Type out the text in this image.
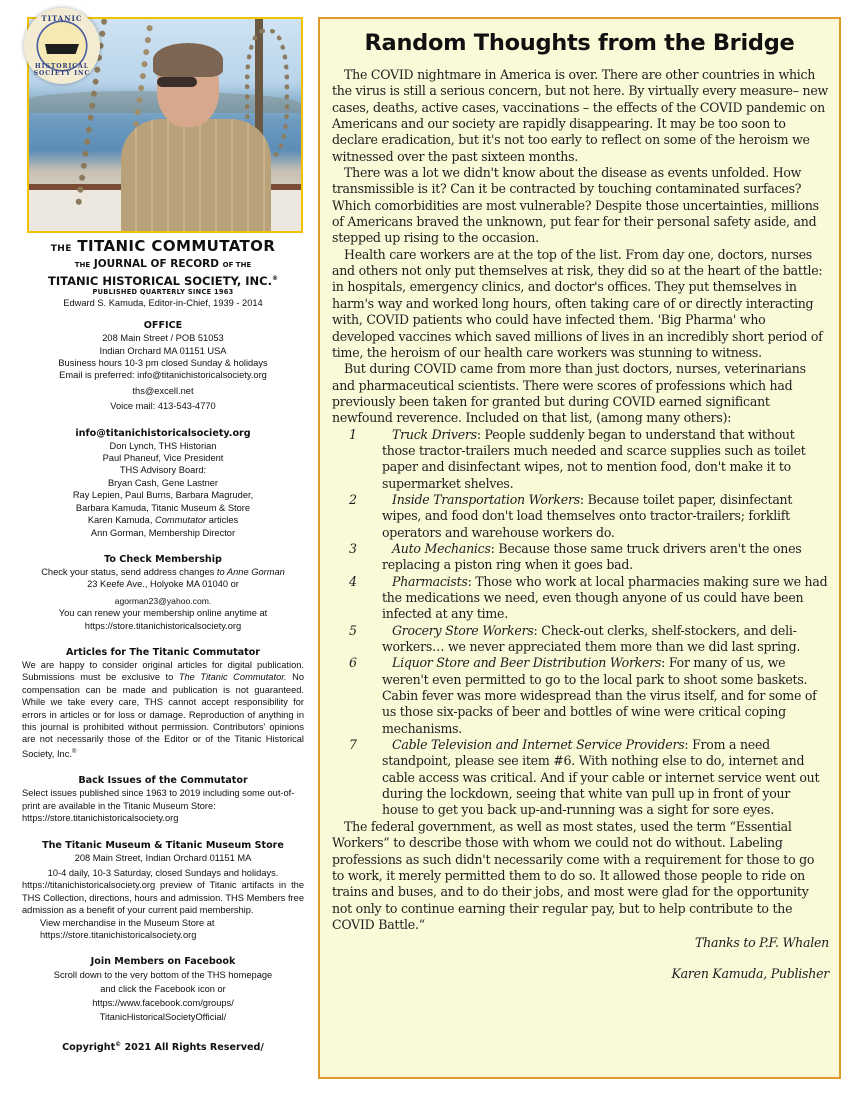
TITANIC
HISTORICAL SOCIETY INC
THE TITANIC COMMUTATOR
THE JOURNAL OF RECORD OF THE
TITANIC HISTORICAL SOCIETY, INC.®
PUBLISHED QUARTERLY SINCE 1963
Edward S. Kamuda, Editor-in-Chief, 1939 - 2014
OFFICE
208 Main Street / POB 51053
Indian Orchard MA 01151 USA
Business hours 10-3 pm closed Sunday & holidays
Email is preferred: info@titanichistoricalsociety.org
ths@excell.net
Voice mail: 413-543-4770
info@titanichistoricalsociety.org
Don Lynch, THS Historian
Paul Phaneuf, Vice President
THS Advisory Board:
Bryan Cash, Gene Lastner
Ray Lepien, Paul Burns, Barbara Magruder,
Barbara Kamuda, Titanic Museum & Store
Karen Kamuda, Commutator articles
Ann Gorman, Membership Director
To Check Membership
Check your status, send address changes to Anne Gorman
23 Keefe Ave., Holyoke MA 01040 or
agorman23@yahoo.com.
You can renew your membership online anytime at
https://store.titanichistoricalsociety.org
Articles for The Titanic Commutator
We are happy to consider original articles for digital publication. Submissions must be exclusive to The Titanic Commutator. No compensation can be made and publication is not guaranteed. While we take every care, THS cannot accept responsibility for errors in articles or for loss or damage. Reproduction of anything in this journal is prohibited without permission. Contributors' opinions are not necessarily those of the Editor or of the Titanic Historical Society, Inc.®
Back Issues of the Commutator
Select issues published since 1963 to 2019 including some out-of-print are available in the Titanic Museum Store: https://store.titanichistoricalsociety.org
The Titanic Museum & Titanic Museum Store
208 Main Street, Indian Orchard 01151 MA
10-4 daily, 10-3 Saturday, closed Sundays and holidays.
https://titanichistoricalsociety.org preview of Titanic artifacts in the THS Collection, directions, hours and admission. THS Members free admission as a benefit of your current paid membership.
View merchandise in the Museum Store at
https://store.titanichistoricalsociety.org
Join Members on Facebook
Scroll down to the very bottom of the THS homepage
and click the Facebook icon or
https://www.facebook.com/groups/
TitanicHistoricalSocietyOfficial/
Copyright© 2021 All Rights Reserved/
Random Thoughts from the Bridge

The COVID nightmare in America is over. There are other countries in which the virus is still a serious concern, but not here. By virtually every measure– new cases, deaths, active cases, vaccinations – the effects of the COVID pandemic on Americans and our society are rapidly disappearing. It may be too soon to declare eradication, but it's not too early to reflect on some of the heroism we witnessed over the past sixteen months.

There was a lot we didn't know about the disease as events unfolded. How transmissible is it? Can it be contracted by touching contaminated surfaces? Which comorbidities are most vulnerable? Despite those uncertainties, millions of Americans braved the unknown, put fear for their personal safety aside, and stepped up rising to the occasion.

Health care workers are at the top of the list. From day one, doctors, nurses and others not only put themselves at risk, they did so at the heart of the battle: in hospitals, emergency clinics, and doctor's offices. They put themselves in harm's way and worked long hours, often taking care of or directly interacting with, COVID patients who could have infected them. 'Big Pharma' who developed vaccines which saved millions of lives in an incredibly short period of time, the heroism of our health care workers was stunning to witness.

But during COVID came from more than just doctors, nurses, veterinarians and pharmaceutical scientists. There were scores of professions which had previously been taken for granted but during COVID earned significant newfound reverence. Included on that list, (among many others):

1	Truck Drivers: People suddenly began to understand that without those tractor-trailers much needed and scarce supplies such as toilet paper and disinfectant wipes, not to mention food, don't make it to supermarket shelves.
2	Inside Transportation Workers: Because toilet paper, disinfectant wipes, and food don't load themselves onto tractor-trailers; forklift operators and warehouse workers do.
3	Auto Mechanics: Because those same truck drivers aren't the ones replacing a piston ring when it goes bad.
4	Pharmacists: Those who work at local pharmacies making sure we had the medications we need, even though anyone of us could have been infected at any time.
5	Grocery Store Workers: Check-out clerks, shelf-stockers, and deli-workers… we never appreciated them more than we did last spring.
6	Liquor Store and Beer Distribution Workers: For many of us, we weren't even permitted to go to the local park to shoot some baskets. Cabin fever was more widespread than the virus itself, and for some of us those six-packs of beer and bottles of wine were critical coping mechanisms.
7	Cable Television and Internet Service Providers: From a need standpoint, please see item #6. With nothing else to do, internet and cable access was critical. And if your cable or internet service went out during the lockdown, seeing that white van pull up in front of your house to get you back up-and-running was a sight for sore eyes.

The federal government, as well as most states, used the term “Essential Workers” to describe those with whom we could not do without. Labeling professions as such didn't necessarily come with a requirement for those to go to work, it merely permitted them to do so. It allowed those people to ride on trains and buses, and to do their jobs, and most were glad for the opportunity not only to continue earning their regular pay, but to help contribute to the COVID Battle.“

Thanks to P.F. Whalen
Karen Kamuda, Publisher
